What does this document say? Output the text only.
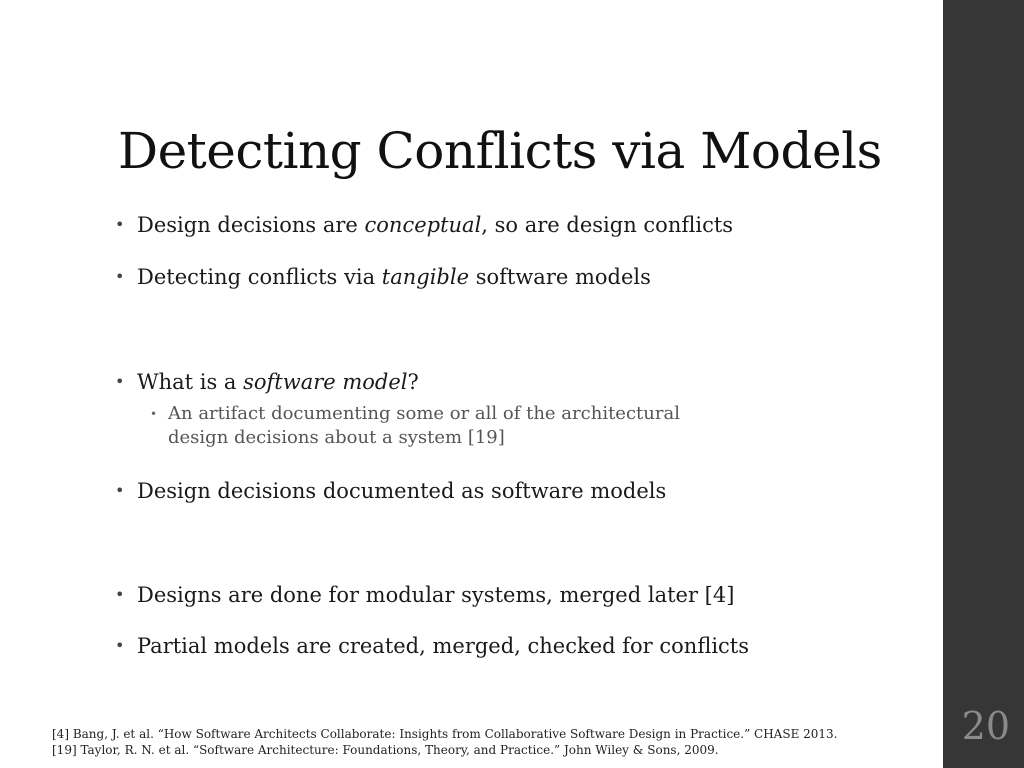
Detecting Conflicts via Models
• Design decisions are conceptual, so are design conflicts
• Detecting conflicts via tangible software models
• What is a software model?
• An artifact documenting some or all of the architectural
design decisions about a system [19]
• Design decisions documented as software models
• Designs are done for modular systems, merged later [4]
• Partial models are created, merged, checked for conflicts
[4] Bang, J. et al. “How Software Architects Collaborate: Insights from Collaborative Software Design in Practice.” CHASE 2013.
[19] Taylor, R. N. et al. “Software Architecture: Foundations, Theory, and Practice.” John Wiley & Sons, 2009.
20
